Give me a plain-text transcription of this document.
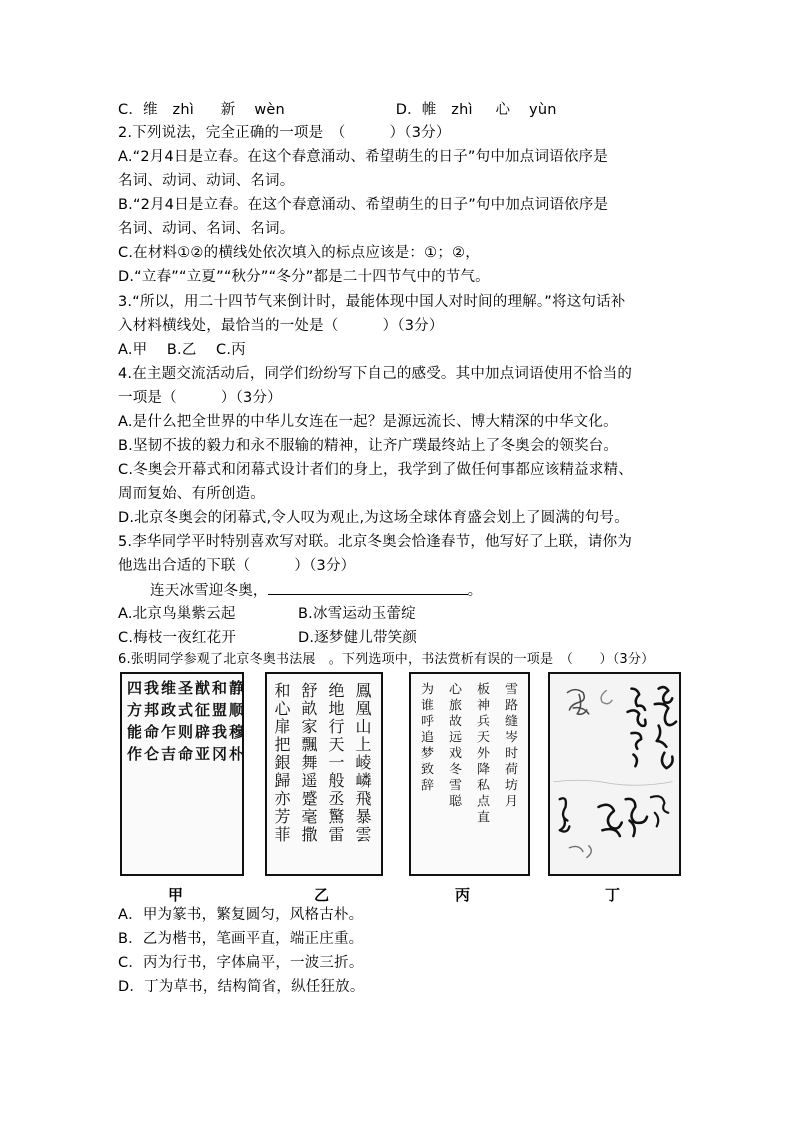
C．维 zhì 新 wèn	D．帷 zhì 心 yùn
2.下列说法，完全正确的一项是　（　　　）（3分）
A.“2月4日是立春。在这个春意涌动、希望萌生的日子”句中加点词语依序是
名词、动词、动词、名词。
B.“2月4日是立春。在这个春意涌动、希望萌生的日子”句中加点词语依序是
名词、动词、名词、名词。
C.在材料①②的横线处依次填入的标点应该是：①；②，
D.“立春”“立夏”“秋分”“冬分”都是二十四节气中的节气。
3.“所以，用二十四节气来倒计时，最能体现中国人对时间的理解。”将这句话补
入材料横线处，最恰当的一处是（　　　）（3分）
A.甲　 B.乙　 C.丙
4.在主题交流活动后，同学们纷纷写下自己的感受。其中加点词语使用不恰当的
一项是（　　　）（3分）
A.是什么把全世界的中华儿女连在一起？是源远流长、博大精深的中华文化。
B.坚韧不拔的毅力和永不服输的精神，让齐广璞最终站上了冬奥会的领奖台。
C.冬奥会开幕式和闭幕式设计者们的身上，我学到了做任何事都应该精益求精、
周而复始、有所创造。
D.北京冬奥会的闭幕式,令人叹为观止,为这场全球体育盛会划上了圆满的句号。
5.李华同学平时特别喜欢写对联。北京冬奥会恰逢春节，他写好了上联，请你为
他选出合适的下联（　　　）（3分）
连天冰雪迎冬奥，	。
A.北京鸟巢紫云起	B.冰雪运动玉蕾绽
C.梅枝一夜红花开	D.逐梦健儿带笑颜
6.张明同学参观了北京冬奥书法展　。下列选项中，书法赏析有误的一项是　（　　）（3分）
四方能作 我邦命仑 维政乍吉 圣式则命 猷征辟亚 和盟我冈 静顺穆朴 和心扉把銀歸亦芳菲 舒畝家飄舞遥蹙毫撒 绝地行天一般丞驚雷 鳳凰山上崚嶙飛暴雲	为谁呼追梦致辞 心旅故远戏冬雪聪 板神兵天外降私点直 雪路缝岑时荷坊月
甲	乙	丙	丁
A．甲为篆书，繁复圆匀，风格古朴。
B．乙为楷书，笔画平直，端正庄重。
C．丙为行书，字体扁平，一波三折。
D．丁为草书，结构简省，纵任狂放。
